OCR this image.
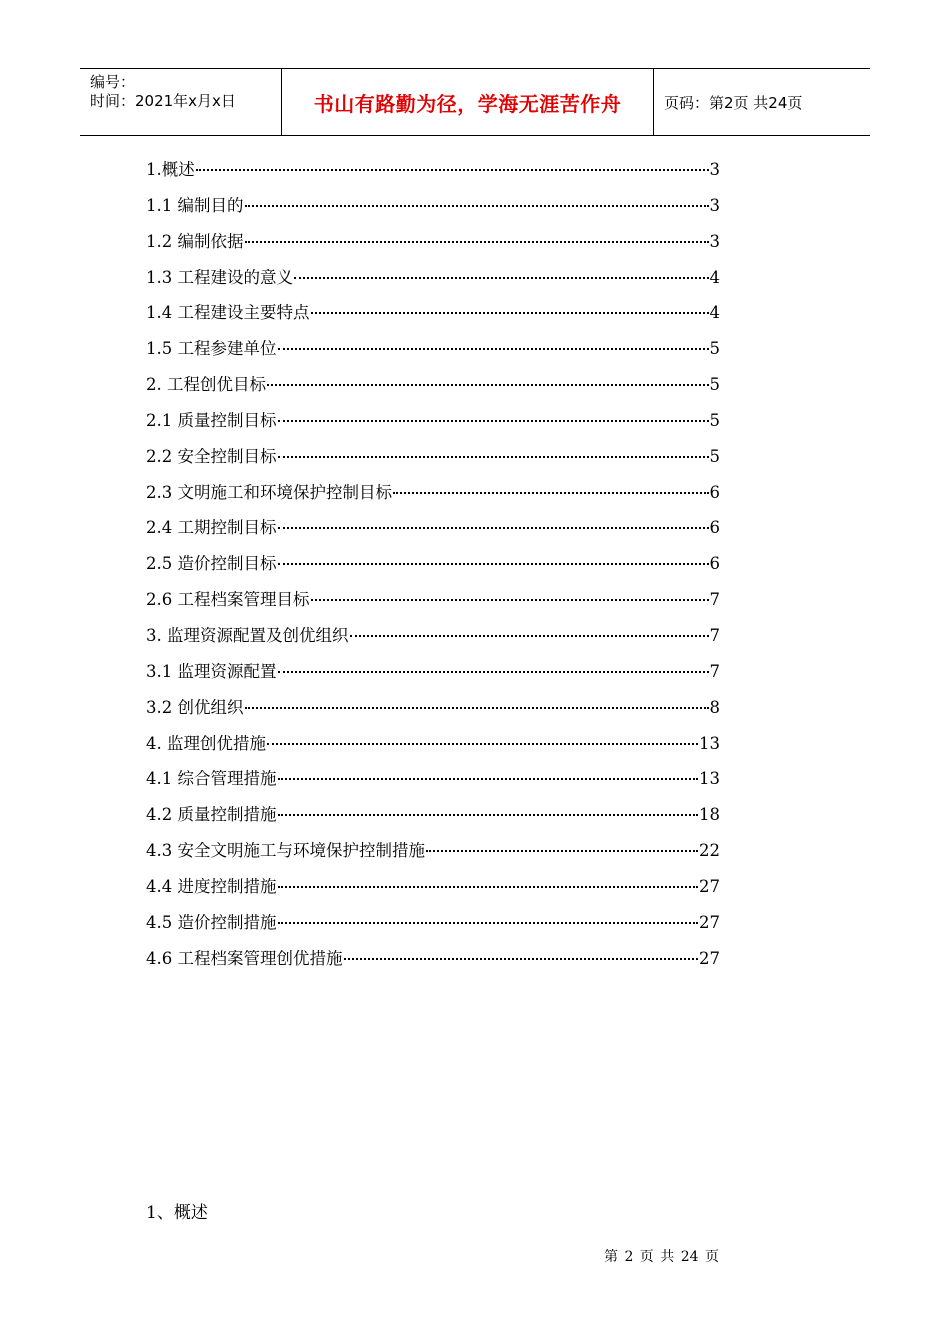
编号：
时间：2021年x月x日	书山有路勤为径，学海无涯苦作舟	页码：第2页 共24页
1.概述	3
1.1 编制目的	3
1.2 编制依据	3
1.3 工程建设的意义	4
1.4 工程建设主要特点	4
1.5 工程参建单位	5
2. 工程创优目标	5
2.1 质量控制目标	5
2.2 安全控制目标	5
2.3 文明施工和环境保护控制目标	6
2.4 工期控制目标	6
2.5 造价控制目标	6
2.6 工程档案管理目标	7
3. 监理资源配置及创优组织	7
3.1 监理资源配置	7
3.2 创优组织	8
4. 监理创优措施	13
4.1 综合管理措施	13
4.2 质量控制措施	18
4.3 安全文明施工与环境保护控制措施	22
4.4 进度控制措施	27
4.5 造价控制措施	27
4.6 工程档案管理创优措施	27
1、概述
第 2 页 共 24 页
